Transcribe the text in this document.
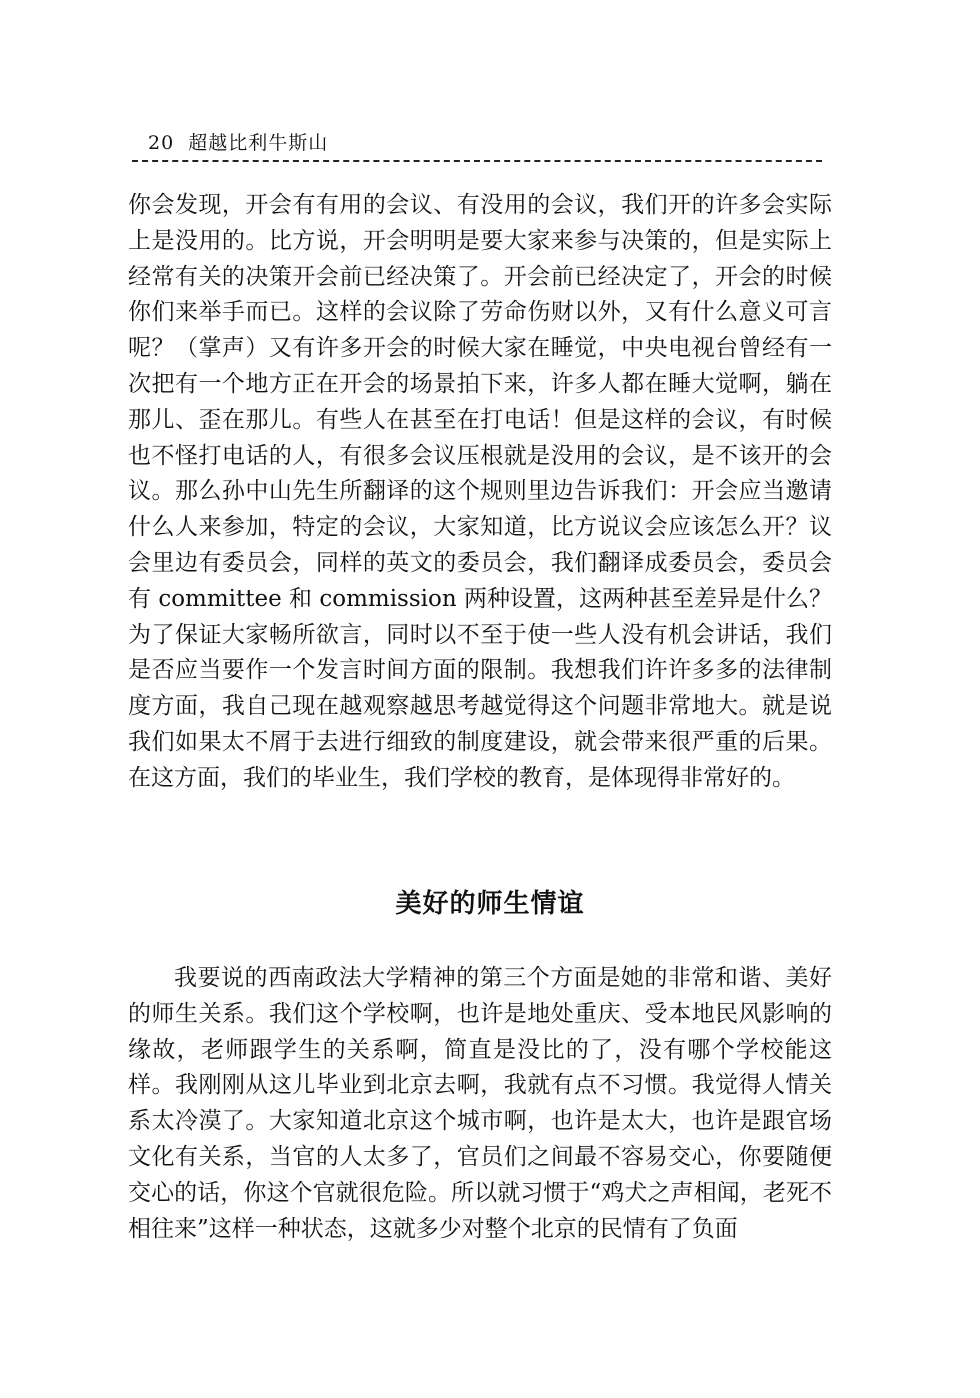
20 超越比利牛斯山

你会发现，开会有有用的会议、有没用的会议，我们开的许多会实际上是没用的。比方说，开会明明是要大家来参与决策的，但是实际上经常有关的决策开会前已经决策了。开会前已经决定了，开会的时候你们来举手而已。这样的会议除了劳命伤财以外，又有什么意义可言呢？（掌声）又有许多开会的时候大家在睡觉，中央电视台曾经有一次把有一个地方正在开会的场景拍下来，许多人都在睡大觉啊，躺在那儿、歪在那儿。有些人在甚至在打电话！但是这样的会议，有时候也不怪打电话的人，有很多会议压根就是没用的会议，是不该开的会议。那么孙中山先生所翻译的这个规则里边告诉我们：开会应当邀请什么人来参加，特定的会议，大家知道，比方说议会应该怎么开？议会里边有委员会，同样的英文的委员会，我们翻译成委员会，委员会有 committee 和 commission 两种设置，这两种甚至差异是什么？为了保证大家畅所欲言，同时以不至于使一些人没有机会讲话，我们是否应当要作一个发言时间方面的限制。我想我们许许多多的法律制度方面，我自己现在越观察越思考越觉得这个问题非常地大。就是说我们如果太不屑于去进行细致的制度建设，就会带来很严重的后果。在这方面，我们的毕业生，我们学校的教育，是体现得非常好的。

美好的师生情谊

我要说的西南政法大学精神的第三个方面是她的非常和谐、美好的师生关系。我们这个学校啊，也许是地处重庆、受本地民风影响的缘故，老师跟学生的关系啊，简直是没比的了，没有哪个学校能这样。我刚刚从这儿毕业到北京去啊，我就有点不习惯。我觉得人情关系太冷漠了。大家知道北京这个城市啊，也许是太大，也许是跟官场文化有关系，当官的人太多了，官员们之间最不容易交心，你要随便交心的话，你这个官就很危险。所以就习惯于“鸡犬之声相闻，老死不相往来”这样一种状态，这就多少对整个北京的民情有了负面
